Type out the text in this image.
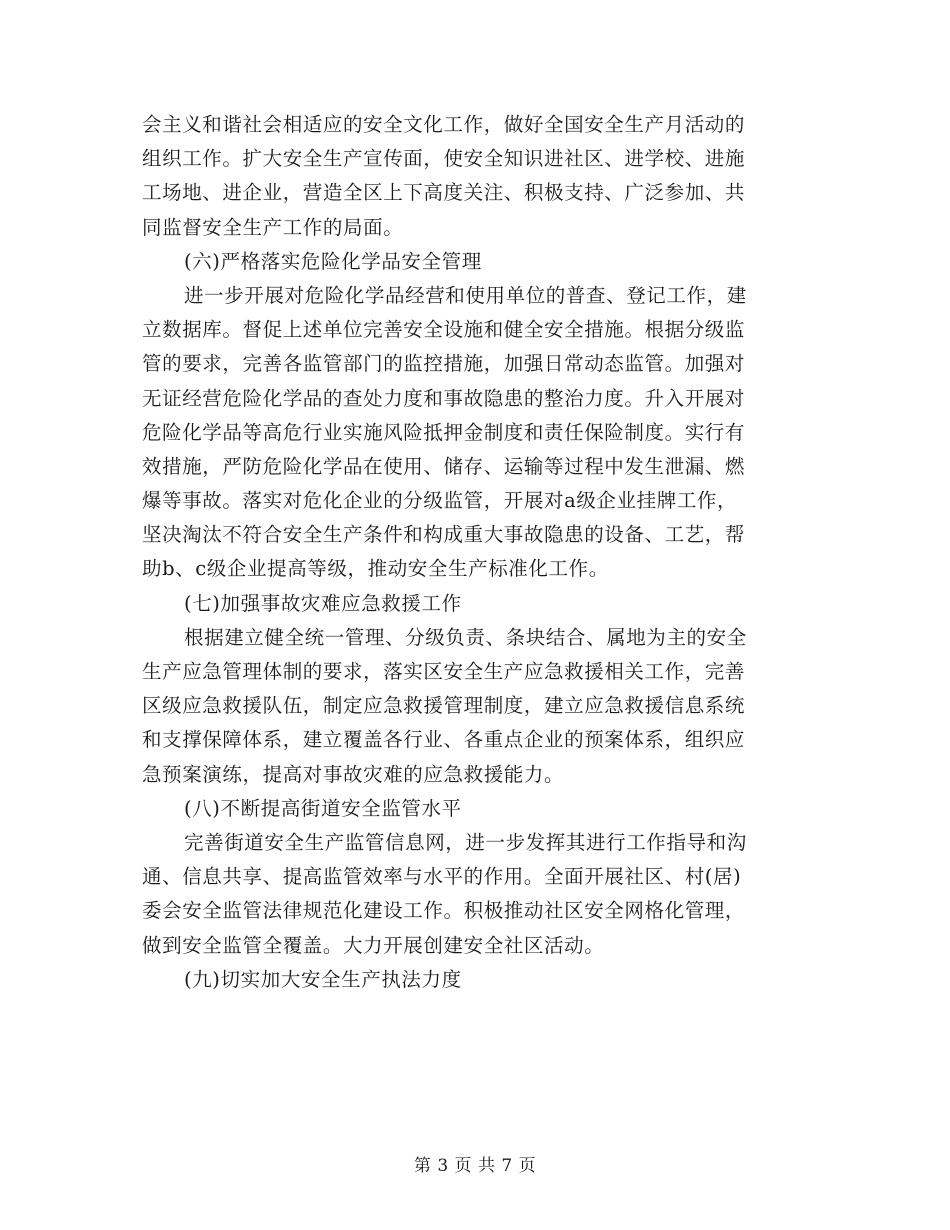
会主义和谐社会相适应的安全文化工作，做好全国安全生产月活动的
组织工作。扩大安全生产宣传面，使安全知识进社区、进学校、进施
工场地、进企业，营造全区上下高度关注、积极支持、广泛参加、共
同监督安全生产工作的局面。
(六)严格落实危险化学品安全管理
进一步开展对危险化学品经营和使用单位的普查、登记工作，建
立数据库。督促上述单位完善安全设施和健全安全措施。根据分级监
管的要求，完善各监管部门的监控措施，加强日常动态监管。加强对
无证经营危险化学品的查处力度和事故隐患的整治力度。升入开展对
危险化学品等高危行业实施风险抵押金制度和责任保险制度。实行有
效措施，严防危险化学品在使用、储存、运输等过程中发生泄漏、燃
爆等事故。落实对危化企业的分级监管，开展对a级企业挂牌工作，
坚决淘汰不符合安全生产条件和构成重大事故隐患的设备、工艺，帮
助b、c级企业提高等级，推动安全生产标准化工作。
(七)加强事故灾难应急救援工作
根据建立健全统一管理、分级负责、条块结合、属地为主的安全
生产应急管理体制的要求，落实区安全生产应急救援相关工作，完善
区级应急救援队伍，制定应急救援管理制度，建立应急救援信息系统
和支撑保障体系，建立覆盖各行业、各重点企业的预案体系，组织应
急预案演练，提高对事故灾难的应急救援能力。
(八)不断提高街道安全监管水平
完善街道安全生产监管信息网，进一步发挥其进行工作指导和沟
通、信息共享、提高监管效率与水平的作用。全面开展社区、村(居)
委会安全监管法律规范化建设工作。积极推动社区安全网格化管理，
做到安全监管全覆盖。大力开展创建安全社区活动。
(九)切实加大安全生产执法力度
第 3 页 共 7 页
